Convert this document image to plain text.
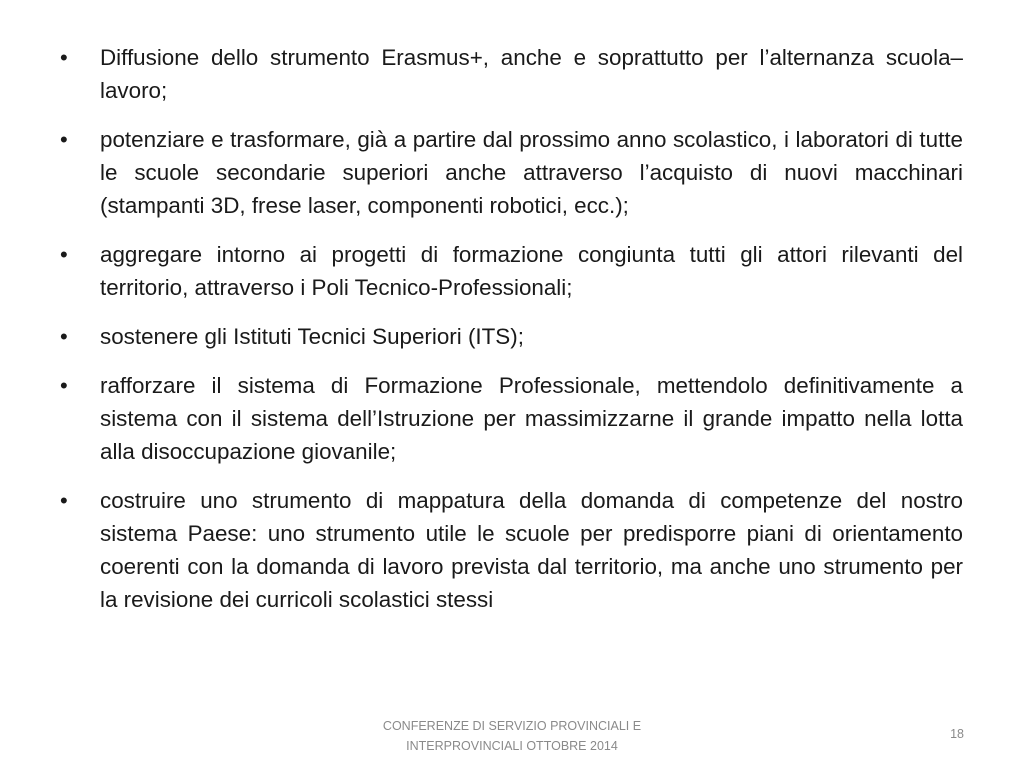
• Diffusione dello strumento Erasmus+, anche e soprattutto per l’alternanza scuola–lavoro;
• potenziare e trasformare, già a partire dal prossimo anno scolastico, i laboratori di tutte le scuole secondarie superiori anche attraverso l’acquisto di nuovi macchinari (stampanti 3D, frese laser, componenti robotici, ecc.);
• aggregare intorno ai progetti di formazione congiunta tutti gli attori rilevanti del territorio, attraverso i Poli Tecnico-Professionali;
• sostenere gli Istituti Tecnici Superiori (ITS);
• rafforzare il sistema di Formazione Professionale, mettendolo definitivamente a sistema con il sistema dell’Istruzione per massimizzarne il grande impatto nella lotta alla disoccupazione giovanile;
• costruire uno strumento di mappatura della domanda di competenze del nostro sistema Paese: uno strumento utile le scuole per predisporre piani di orientamento coerenti con la domanda di lavoro prevista dal territorio, ma anche uno strumento per la revisione dei curricoli scolastici stessi
CONFERENZE DI SERVIZIO PROVINCIALI E
INTERPROVINCIALI OTTOBRE 2014
18
